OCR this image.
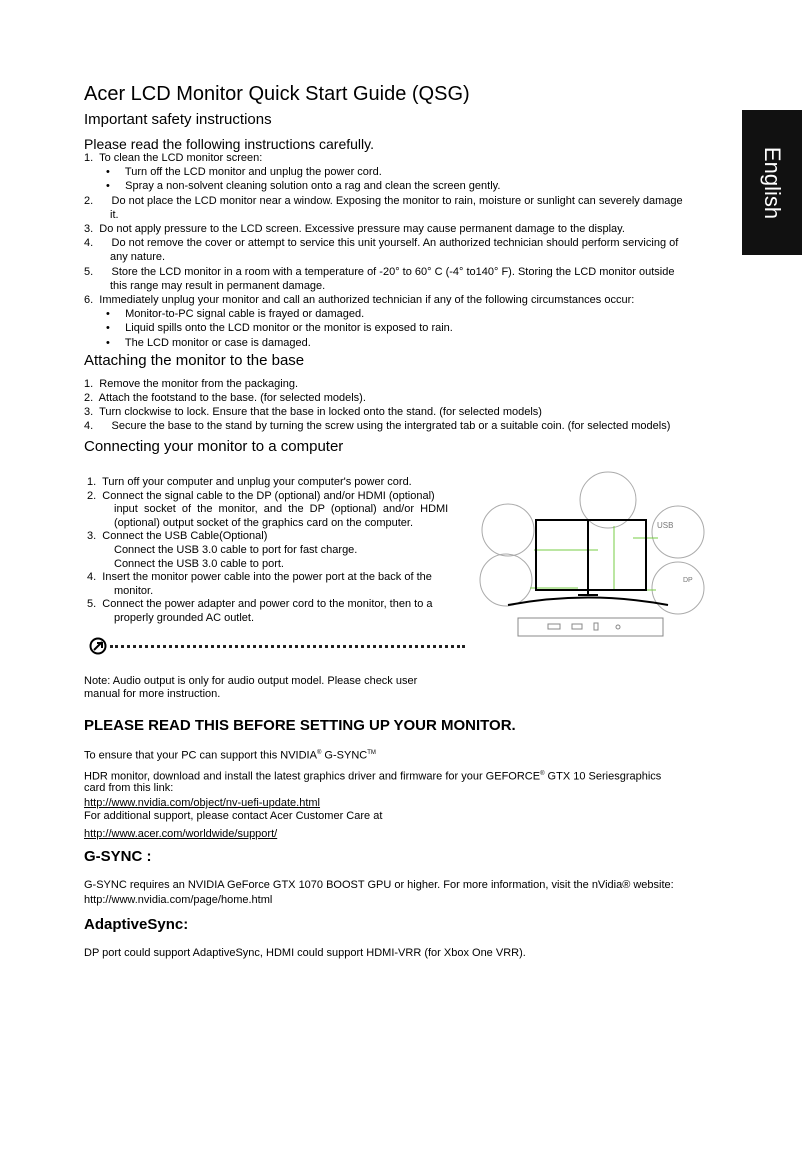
English
Acer LCD Monitor Quick Start Guide (QSG)
Important safety instructions
Please read the following instructions carefully.
1.  To clean the LCD monitor screen:
•     Turn off the LCD monitor and unplug the power cord.
•     Spray a non-solvent cleaning solution onto a rag and clean the screen gently.
2.      Do not place the LCD monitor near a window. Exposing the monitor to rain, moisture or sunlight can severely damage
it.
3.  Do not apply pressure to the LCD screen. Excessive pressure may cause permanent damage to the display.
4.      Do not remove the cover or attempt to service this unit yourself. An authorized technician should perform servicing of
any nature.
5.      Store the LCD monitor in a room with a temperature of -20° to 60° C (-4° to140° F). Storing the LCD monitor outside
this range may result in permanent damage.
6.  Immediately unplug your monitor and call an authorized technician if any of the following circumstances occur:
•     Monitor-to-PC signal cable is frayed or damaged.
•     Liquid spills onto the LCD monitor or the monitor is exposed to rain.
•     The LCD monitor or case is damaged.
Attaching the monitor to the base
1.  Remove the monitor from the packaging.
2.  Attach the footstand to the base. (for selected models).
3.  Turn clockwise to lock. Ensure that the base in locked onto the stand. (for selected models)
4.      Secure the base to the stand by turning the screw using the intergrated tab or a suitable coin. (for selected models)
Connecting your monitor to a computer
1.  Turn off your computer and unplug your computer's power cord.
2.  Connect the signal cable to the DP (optional) and/or HDMI (optional)
input  socket  of  the  monitor,  and  the  DP  (optional)  and/or  HDMI
(optional) output socket of the graphics card on the computer.
3.  Connect the USB Cable(Optional)
Connect the USB 3.0 cable to port for fast charge.
Connect the USB 3.0 cable to port.
4.  Insert the monitor power cable into the power port at the back of the
monitor.
5.  Connect the power adapter and power cord to the monitor, then to a
properly grounded AC outlet.
USB
DP
Note: Audio output is only for audio output model. Please check user
manual for more instruction.
PLEASE READ THIS BEFORE SETTING UP YOUR MONITOR.
To ensure that your PC can support this NVIDIA® G-SYNC™
HDR monitor, download and install the latest graphics driver and firmware for your GEFORCE® GTX 10 Seriesgraphics
card from this link:
http://www.nvidia.com/object/nv-uefi-update.html
For additional support, please contact Acer Customer Care at
http://www.acer.com/worldwide/support/
G-SYNC :
G-SYNC requires an NVIDIA GeForce GTX 1070 BOOST GPU or higher. For more information, visit the nVidia® website:
http://www.nvidia.com/page/home.html
AdaptiveSync:
DP port could support AdaptiveSync, HDMI could support HDMI-VRR (for Xbox One VRR).
